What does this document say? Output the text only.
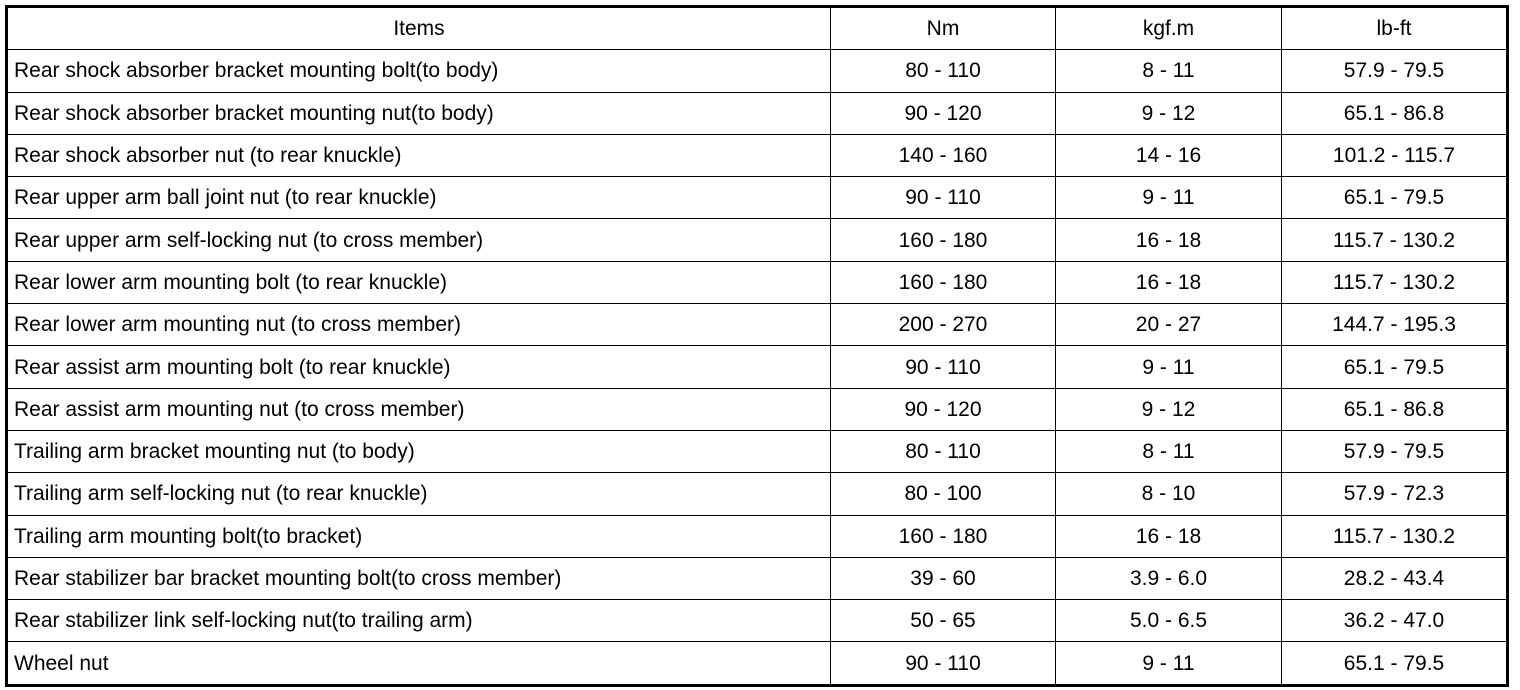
Items	Nm	kgf.m	lb-ft
Rear shock absorber bracket mounting bolt(to body)	80 - 110	8 - 11	57.9 - 79.5
Rear shock absorber bracket mounting nut(to body)	90 - 120	9 - 12	65.1 - 86.8
Rear shock absorber nut (to rear knuckle)	140 - 160	14 - 16	101.2 - 115.7
Rear upper arm ball joint nut (to rear knuckle)	90 - 110	9 - 11	65.1 - 79.5
Rear upper arm self-locking nut (to cross member)	160 - 180	16 - 18	115.7 - 130.2
Rear lower arm mounting bolt (to rear knuckle)	160 - 180	16 - 18	115.7 - 130.2
Rear lower arm mounting nut (to cross member)	200 - 270	20 - 27	144.7 - 195.3
Rear assist arm mounting bolt (to rear knuckle)	90 - 110	9 - 11	65.1 - 79.5
Rear assist arm mounting nut (to cross member)	90 - 120	9 - 12	65.1 - 86.8
Trailing arm bracket mounting nut (to body)	80 - 110	8 - 11	57.9 - 79.5
Trailing arm self-locking nut (to rear knuckle)	80 - 100	8 - 10	57.9 - 72.3
Trailing arm mounting bolt(to bracket)	160 - 180	16 - 18	115.7 - 130.2
Rear stabilizer bar bracket mounting bolt(to cross member)	39 - 60	3.9 - 6.0	28.2 - 43.4
Rear stabilizer link self-locking nut(to trailing arm)	50 - 65	5.0 - 6.5	36.2 - 47.0
Wheel nut	90 - 110	9 - 11	65.1 - 79.5
